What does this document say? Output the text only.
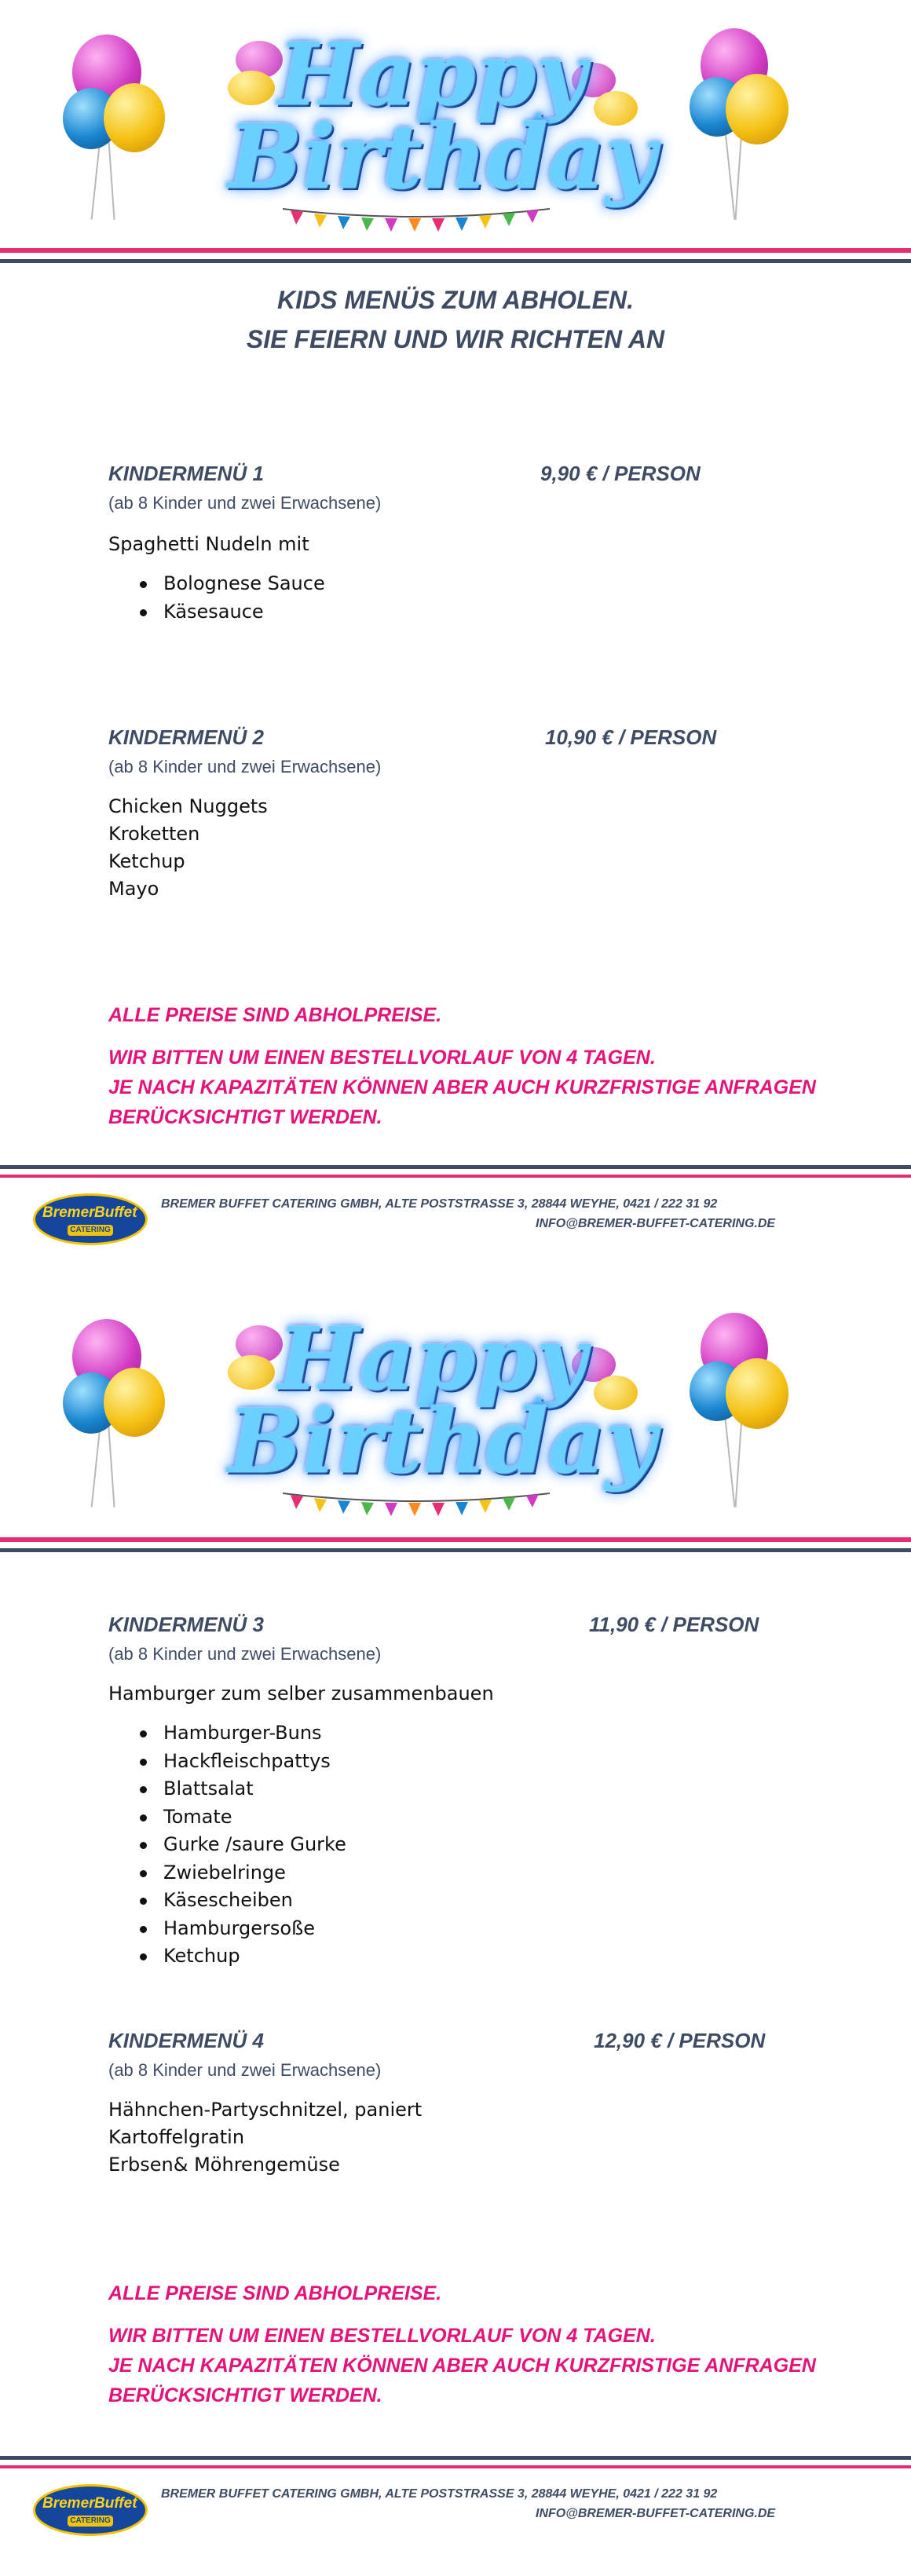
Happy
Birthday
KIDS MENÜS ZUM ABHOLEN.
SIE FEIERN UND WIR RICHTEN AN
KINDERMENÜ 1	9,90 € / PERSON

(ab 8 Kinder und zwei Erwachsene)

Spaghetti Nudeln mit

Bolognese Sauce
Käsesauce
KINDERMENÜ 2	10,90 € / PERSON

(ab 8 Kinder und zwei Erwachsene)

Chicken Nuggets

Kroketten

Ketchup

Mayo

ALLE PREISE SIND ABHOLPREISE.

WIR BITTEN UM EINEN BESTELLVORLAUF VON 4 TAGEN.

JE NACH KAPAZITÄTEN KÖNNEN ABER AUCH KURZFRISTIGE ANFRAGEN

BERÜCKSICHTIGT WERDEN.

Bremer Buffet
CATERING

BREMER BUFFET CATERING GMBH, ALTE POSTSTRASSE 3, 28844 WEYHE, 0421 / 222 31 92

INFO@BREMER-BUFFET-CATERING.DE

Happy
Birthday
KINDERMENÜ 3	11,90 € / PERSON

(ab 8 Kinder und zwei Erwachsene)

Hamburger zum selber zusammenbauen

Hamburger-Buns
Hackfleischpattys
Blattsalat
Tomate
Gurke /saure Gurke
Zwiebelringe
Käsescheiben
Hamburgersoße
Ketchup
KINDERMENÜ 4	12,90 € / PERSON

(ab 8 Kinder und zwei Erwachsene)

Hähnchen-Partyschnitzel, paniert

Kartoffelgratin

Erbsen& Möhrengemüse

ALLE PREISE SIND ABHOLPREISE.

WIR BITTEN UM EINEN BESTELLVORLAUF VON 4 TAGEN.

JE NACH KAPAZITÄTEN KÖNNEN ABER AUCH KURZFRISTIGE ANFRAGEN

BERÜCKSICHTIGT WERDEN.

Bremer Buffet
CATERING

BREMER BUFFET CATERING GMBH, ALTE POSTSTRASSE 3, 28844 WEYHE, 0421 / 222 31 92

INFO@BREMER-BUFFET-CATERING.DE
